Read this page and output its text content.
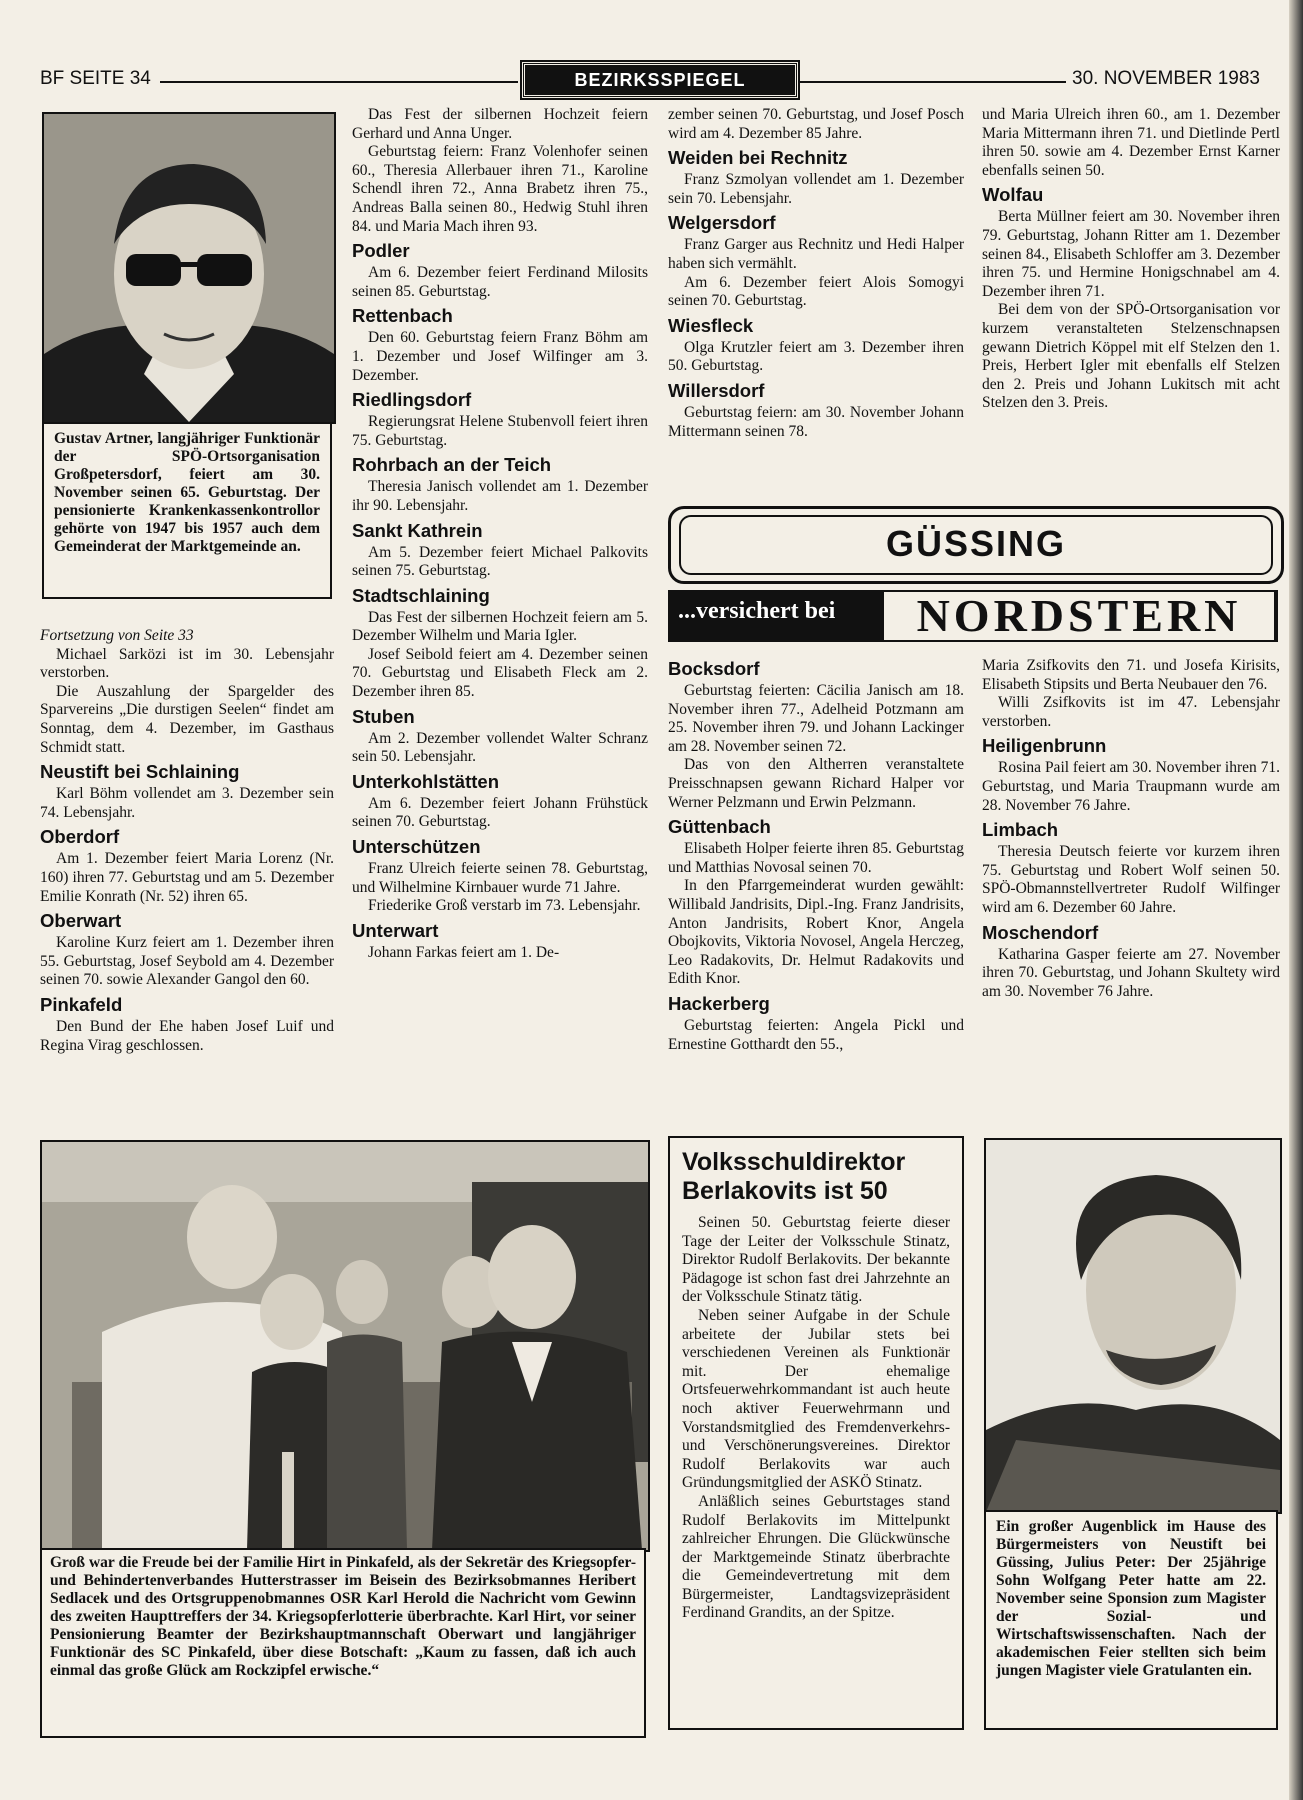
BF SEITE 34	BEZIRKSSPIEGEL	30. NOVEMBER 1983
Gustav Artner, langjähriger Funktionär der SPÖ-Ortsorganisation Großpetersdorf, feiert am 30. November seinen 65. Geburtstag. Der pensionierte Krankenkassenkontrollor gehörte von 1947 bis 1957 auch dem Gemeinderat der Marktgemeinde an.

Fortsetzung von Seite 33

Michael Sarközi ist im 30. Lebensjahr verstorben.

Die Auszahlung der Spargelder des Sparvereins „Die durstigen Seelen“ findet am Sonntag, dem 4. Dezember, im Gasthaus Schmidt statt.

Neustift bei Schlaining

Karl Böhm vollendet am 3. Dezember sein 74. Lebensjahr.

Oberdorf

Am 1. Dezember feiert Maria Lorenz (Nr. 160) ihren 77. Geburtstag und am 5. Dezember Emilie Konrath (Nr. 52) ihren 65.

Oberwart

Karoline Kurz feiert am 1. Dezember ihren 55. Geburtstag, Josef Seybold am 4. Dezember seinen 70. sowie Alexander Gangol den 60.

Pinkafeld

Den Bund der Ehe haben Josef Luif und Regina Virag geschlossen.

Das Fest der silbernen Hochzeit feiern Gerhard und Anna Unger.

Geburtstag feiern: Franz Volenhofer seinen 60., Theresia Allerbauer ihren 71., Karoline Schendl ihren 72., Anna Brabetz ihren 75., Andreas Balla seinen 80., Hedwig Stuhl ihren 84. und Maria Mach ihren 93.

Podler

Am 6. Dezember feiert Ferdinand Milosits seinen 85. Geburtstag.

Rettenbach

Den 60. Geburtstag feiern Franz Böhm am 1. Dezember und Josef Wilfinger am 3. Dezember.

Riedlingsdorf

Regierungsrat Helene Stubenvoll feiert ihren 75. Geburtstag.

Rohrbach an der Teich

Theresia Janisch vollendet am 1. Dezember ihr 90. Lebensjahr.

Sankt Kathrein

Am 5. Dezember feiert Michael Palkovits seinen 75. Geburtstag.

Stadtschlaining

Das Fest der silbernen Hochzeit feiern am 5. Dezember Wilhelm und Maria Igler.

Josef Seibold feiert am 4. Dezember seinen 70. Geburtstag und Elisabeth Fleck am 2. Dezember ihren 85.

Stuben

Am 2. Dezember vollendet Walter Schranz sein 50. Lebensjahr.

Unterkohlstätten

Am 6. Dezember feiert Johann Frühstück seinen 70. Geburtstag.

Unterschützen

Franz Ulreich feierte seinen 78. Geburtstag, und Wilhelmine Kirnbauer wurde 71 Jahre.

Friederike Groß verstarb im 73. Lebensjahr.

Unterwart

Johann Farkas feiert am 1. De-

zember seinen 70. Geburtstag, und Josef Posch wird am 4. Dezember 85 Jahre.

Weiden bei Rechnitz

Franz Szmolyan vollendet am 1. Dezember sein 70. Lebensjahr.

Welgersdorf

Franz Garger aus Rechnitz und Hedi Halper haben sich vermählt.

Am 6. Dezember feiert Alois Somogyi seinen 70. Geburtstag.

Wiesfleck

Olga Krutzler feiert am 3. Dezember ihren 50. Geburtstag.

Willersdorf

Geburtstag feiern: am 30. November Johann Mittermann seinen 78.

und Maria Ulreich ihren 60., am 1. Dezember Maria Mittermann ihren 71. und Dietlinde Pertl ihren 50. sowie am 4. Dezember Ernst Karner ebenfalls seinen 50.

Wolfau

Berta Müllner feiert am 30. November ihren 79. Geburtstag, Johann Ritter am 1. Dezember seinen 84., Elisabeth Schloffer am 3. Dezember ihren 75. und Hermine Honigschnabel am 4. Dezember ihren 71.

Bei dem von der SPÖ-Ortsorganisation vor kurzem veranstalteten Stelzenschnapsen gewann Dietrich Köppel mit elf Stelzen den 1. Preis, Herbert Igler mit ebenfalls elf Stelzen den 2. Preis und Johann Lukitsch mit acht Stelzen den 3. Preis.

GÜSSING
...versichert bei	NORDSTERN
Bocksdorf

Geburtstag feierten: Cäcilia Janisch am 18. November ihren 77., Adelheid Potzmann am 25. November ihren 79. und Johann Lackinger am 28. November seinen 72.

Das von den Altherren veranstaltete Preisschnapsen gewann Richard Halper vor Werner Pelzmann und Erwin Pelzmann.

Güttenbach

Elisabeth Holper feierte ihren 85. Geburtstag und Matthias Novosal seinen 70.

In den Pfarrgemeinderat wurden gewählt: Willibald Jandrisits, Dipl.-Ing. Franz Jandrisits, Anton Jandrisits, Robert Knor, Angela Obojkovits, Viktoria Novosel, Angela Herczeg, Leo Radakovits, Dr. Helmut Radakovits und Edith Knor.

Hackerberg

Geburtstag feierten: Angela Pickl und Ernestine Gotthardt den 55.,

Maria Zsifkovits den 71. und Josefa Kirisits, Elisabeth Stipsits und Berta Neubauer den 76.

Willi Zsifkovits ist im 47. Lebensjahr verstorben.

Heiligenbrunn

Rosina Pail feiert am 30. November ihren 71. Geburtstag, und Maria Traupmann wurde am 28. November 76 Jahre.

Limbach

Theresia Deutsch feierte vor kurzem ihren 75. Geburtstag und Robert Wolf seinen 50. SPÖ-Obmannstellvertreter Rudolf Wilfinger wird am 6. Dezember 60 Jahre.

Moschendorf

Katharina Gasper feierte am 27. November ihren 70. Geburtstag, und Johann Skultety wird am 30. November 76 Jahre.

Groß war die Freude bei der Familie Hirt in Pinkafeld, als der Sekretär des Kriegsopfer- und Behindertenverbandes Hutterstrasser im Beisein des Bezirksobmannes Heribert Sedlacek und des Ortsgruppenobmannes OSR Karl Herold die Nachricht vom Gewinn des zweiten Haupttreffers der 34. Kriegsopferlotterie überbrachte. Karl Hirt, vor seiner Pensionierung Beamter der Bezirkshauptmannschaft Oberwart und langjähriger Funktionär des SC Pinkafeld, über diese Botschaft: „Kaum zu fassen, daß ich auch einmal das große Glück am Rockzipfel erwische.“
Volksschuldirektor Berlakovits ist 50

Seinen 50. Geburtstag feierte dieser Tage der Leiter der Volksschule Stinatz, Direktor Rudolf Berlakovits. Der bekannte Pädagoge ist schon fast drei Jahrzehnte an der Volksschule Stinatz tätig.

Neben seiner Aufgabe in der Schule arbeitete der Jubilar stets bei verschiedenen Vereinen als Funktionär mit. Der ehemalige Ortsfeuerwehrkommandant ist auch heute noch aktiver Feuerwehrmann und Vorstandsmitglied des Fremdenverkehrs- und Verschönerungsvereines. Direktor Rudolf Berlakovits war auch Gründungsmitglied der ASKÖ Stinatz.

Anläßlich seines Geburtstages stand Rudolf Berlakovits im Mittelpunkt zahlreicher Ehrungen. Die Glückwünsche der Marktgemeinde Stinatz überbrachte die Gemeindevertretung mit dem Bürgermeister, Landtagsvizepräsident Ferdinand Grandits, an der Spitze.

Ein großer Augenblick im Hause des Bürgermeisters von Neustift bei Güssing, Julius Peter: Der 25jährige Sohn Wolfgang Peter hatte am 22. November seine Sponsion zum Magister der Sozial- und Wirtschaftswissenschaften. Nach der akademischen Feier stellten sich beim jungen Magister viele Gratulanten ein.
